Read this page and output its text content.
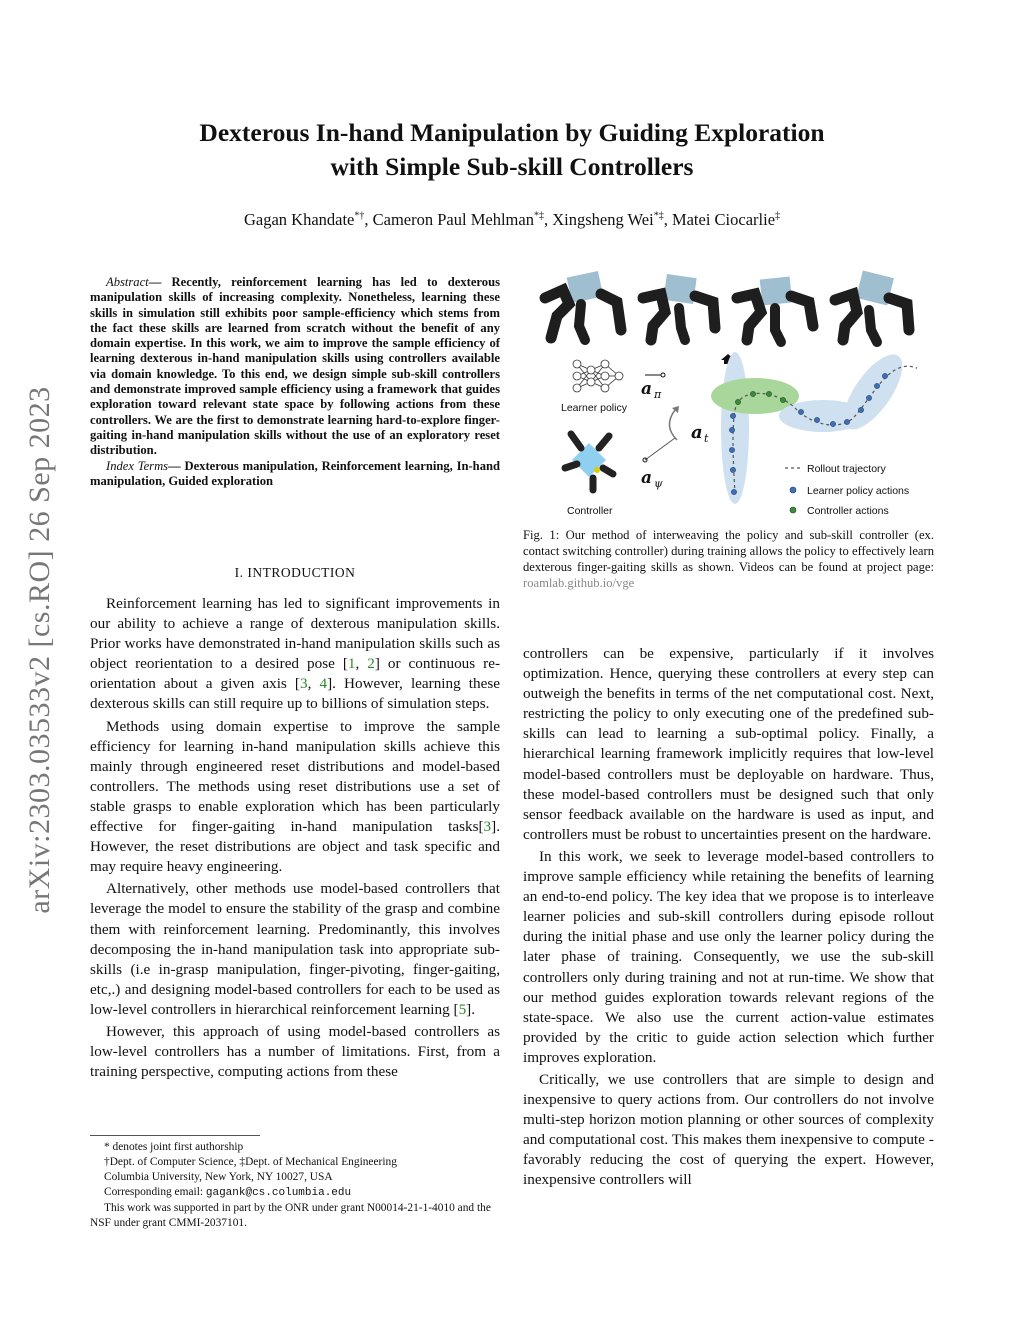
arXiv:2303.03533v2 [cs.RO] 26 Sep 2023
Dexterous In-hand Manipulation by Guiding Exploration
with Simple Sub-skill Controllers
Gagan Khandate*†, Cameron Paul Mehlman*‡, Xingsheng Wei*‡, Matei Ciocarlie‡

Abstract— Recently, reinforcement learning has led to dexterous manipulation skills of increasing complexity. Nonetheless, learning these skills in simulation still exhibits poor sample-efficiency which stems from the fact these skills are learned from scratch without the benefit of any domain expertise. In this work, we aim to improve the sample efficiency of learning dexterous in-hand manipulation skills using controllers available via domain knowledge. To this end, we design simple sub-skill controllers and demonstrate improved sample efficiency using a framework that guides exploration toward relevant state space by following actions from these controllers. We are the first to demonstrate learning hard-to-explore finger-gaiting in-hand manipulation skills without the use of an exploratory reset distribution.

Index Terms— Dexterous manipulation, Reinforcement learning, In-hand manipulation, Guided exploration

I. INTRODUCTION

Reinforcement learning has led to significant improvements in our ability to achieve a range of dexterous manipulation skills. Prior works have demonstrated in-hand manipulation skills such as object reorientation to a desired pose [1, 2] or continuous re-orientation about a given axis [3, 4]. However, learning these dexterous skills can still require up to billions of simulation steps.

Methods using domain expertise to improve the sample efficiency for learning in-hand manipulation skills achieve this mainly through engineered reset distributions and model-based controllers. The methods using reset distributions use a set of stable grasps to enable exploration which has been particularly effective for finger-gaiting in-hand manipulation tasks[3]. However, the reset distributions are object and task specific and may require heavy engineering.

Alternatively, other methods use model-based controllers that leverage the model to ensure the stability of the grasp and combine them with reinforcement learning. Predominantly, this involves decomposing the in-hand manipulation task into appropriate sub-skills (i.e in-grasp manipulation, finger-pivoting, finger-gaiting, etc,.) and designing model-based controllers for each to be used as low-level controllers in hierarchical reinforcement learning [5].

However, this approach of using model-based controllers as low-level controllers has a number of limitations. First, from a training perspective, computing actions from these

* denotes joint first authorship
†Dept. of Computer Science, ‡Dept. of Mechanical Engineering
Columbia University, New York, NY 10027, USA
Corresponding email: gagank@cs.columbia.edu
This work was supported in part by the ONR under grant N00014-21-1-4010 and the NSF under grant CMMI-2037101.
Learner policy
a π
a t
a ψ
Controller
Rollout trajectory
Learner policy actions
Controller actions
Fig. 1: Our method of interweaving the policy and sub-skill controller (ex. contact switching controller) during training allows the policy to effectively learn dexterous finger-gaiting skills as shown. Videos can be found at project page: roamlab.github.io/vge

controllers can be expensive, particularly if it involves optimization. Hence, querying these controllers at every step can outweigh the benefits in terms of the net computational cost. Next, restricting the policy to only executing one of the predefined sub-skills can lead to learning a sub-optimal policy. Finally, a hierarchical learning framework implicitly requires that low-level model-based controllers must be deployable on hardware. Thus, these model-based controllers must be designed such that only sensor feedback available on the hardware is used as input, and controllers must be robust to uncertainties present on the hardware.

In this work, we seek to leverage model-based controllers to improve sample efficiency while retaining the benefits of learning an end-to-end policy. The key idea that we propose is to interleave learner policies and sub-skill controllers during episode rollout during the initial phase and use only the learner policy during the later phase of training. Consequently, we use the sub-skill controllers only during training and not at run-time. We show that our method guides exploration towards relevant regions of the state-space. We also use the current action-value estimates provided by the critic to guide action selection which further improves exploration.

Critically, we use controllers that are simple to design and inexpensive to query actions from. Our controllers do not involve multi-step horizon motion planning or other sources of complexity and computational cost. This makes them inexpensive to compute - favorably reducing the cost of querying the expert. However, inexpensive controllers will
